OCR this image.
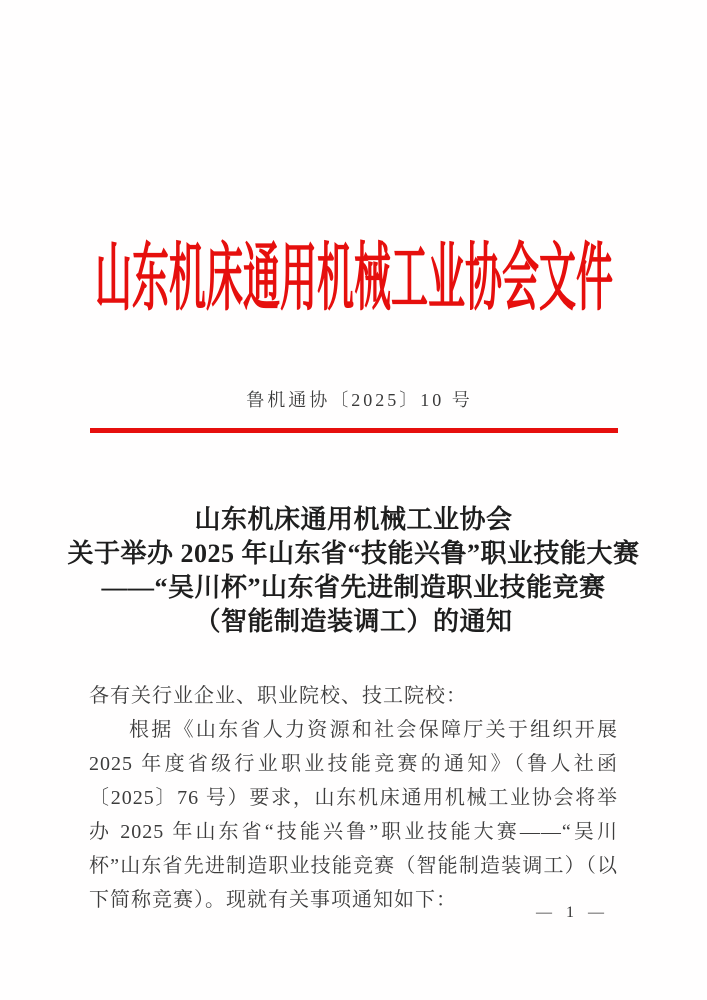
山东机床通用机械工业协会文件
鲁机通协〔2025〕10 号
山东机床通用机械工业协会
关于举办 2025 年山东省“技能兴鲁”职业技能大赛
——“吴川杯”山东省先进制造职业技能竞赛
（智能制造装调工）的通知

各有关行业企业、职业院校、技工院校：

根据《山东省人力资源和社会保障厅关于组织开展 2025 年度省级行业职业技能竞赛的通知》（鲁人社函〔2025〕76 号）要求，山东机床通用机械工业协会将举办 2025 年山东省“技能兴鲁”职业技能大赛——“吴川杯”山东省先进制造职业技能竞赛（智能制造装调工）（以下简称竞赛）。现就有关事项通知如下：

— 1 —
